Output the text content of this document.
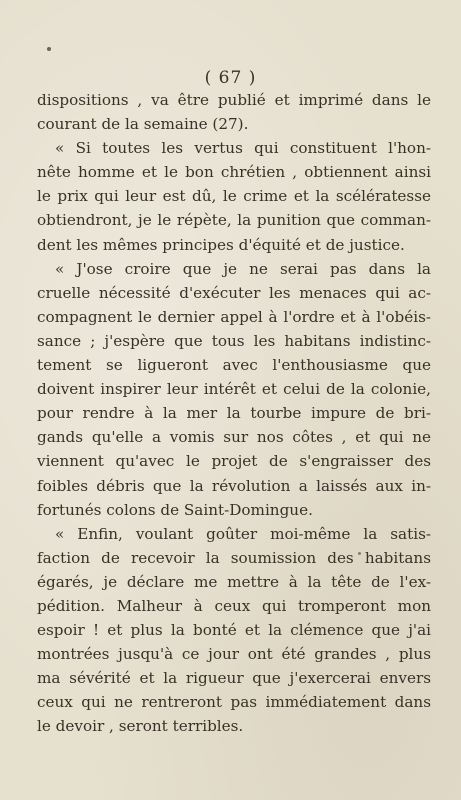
( 67 )
dispositions , va être publié et imprimé dans le
courant de la semaine (27).
« Si toutes les vertus qui constituent l'hon-
nête homme et le bon chrétien , obtiennent ainsi
le prix qui leur est dû, le crime et la scélératesse
obtiendront, je le répète, la punition que comman-
dent les mêmes principes d'équité et de justice.
« J'ose croire que je ne serai pas dans la
cruelle nécessité d'exécuter les menaces qui ac-
compagnent le dernier appel à l'ordre et à l'obéis-
sance ; j'espère que tous les habitans indistinc-
tement se ligueront avec l'enthousiasme que
doivent inspirer leur intérêt et celui de la colonie,
pour rendre à la mer la tourbe impure de bri-
gands qu'elle a vomis sur nos côtes , et qui ne
viennent qu'avec le projet de s'engraisser des
foibles débris que la révolution a laissés aux in-
fortunés colons de Saint-Domingue.
« Enfin, voulant goûter moi-même la satis-
faction de recevoir la soumission des habitans
égarés, je déclare me mettre à la tête de l'ex-
pédition. Malheur à ceux qui tromperont mon
espoir ! et plus la bonté et la clémence que j'ai
montrées jusqu'à ce jour ont été grandes , plus
ma sévérité et la rigueur que j'exercerai envers
ceux qui ne rentreront pas immédiatement dans
le devoir , seront terribles.
